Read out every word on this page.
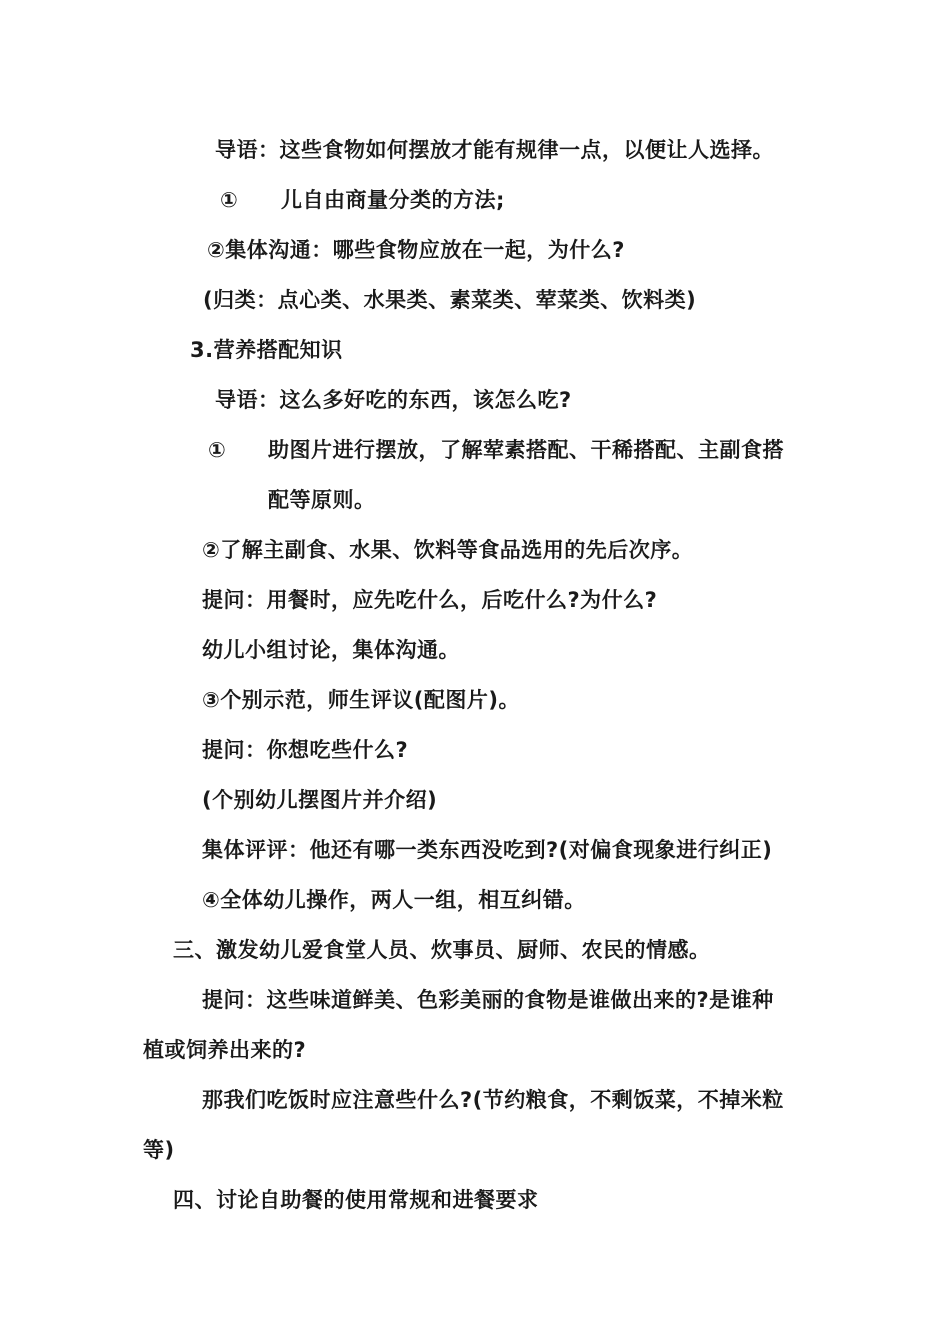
导语：这些食物如何摆放才能有规律一点，以便让人选择。
① 儿自由商量分类的方法;
②集体沟通：哪些食物应放在一起，为什么?
(归类：点心类、水果类、素菜类、荤菜类、饮料类)
3.营养搭配知识
导语：这么多好吃的东西，该怎么吃?
① 助图片进行摆放，了解荤素搭配、干稀搭配、主副食搭
配等原则。
②了解主副食、水果、饮料等食品选用的先后次序。
提问：用餐时，应先吃什么，后吃什么?为什么?
幼儿小组讨论，集体沟通。
③个别示范，师生评议(配图片)。
提问：你想吃些什么?
(个别幼儿摆图片并介绍)
集体评评：他还有哪一类东西没吃到?(对偏食现象进行纠正)
④全体幼儿操作，两人一组，相互纠错。
三、激发幼儿爱食堂人员、炊事员、厨师、农民的情感。
提问：这些味道鲜美、色彩美丽的食物是谁做出来的?是谁种
植或饲养出来的?
那我们吃饭时应注意些什么?(节约粮食，不剩饭菜，不掉米粒
等)
四、讨论自助餐的使用常规和进餐要求
